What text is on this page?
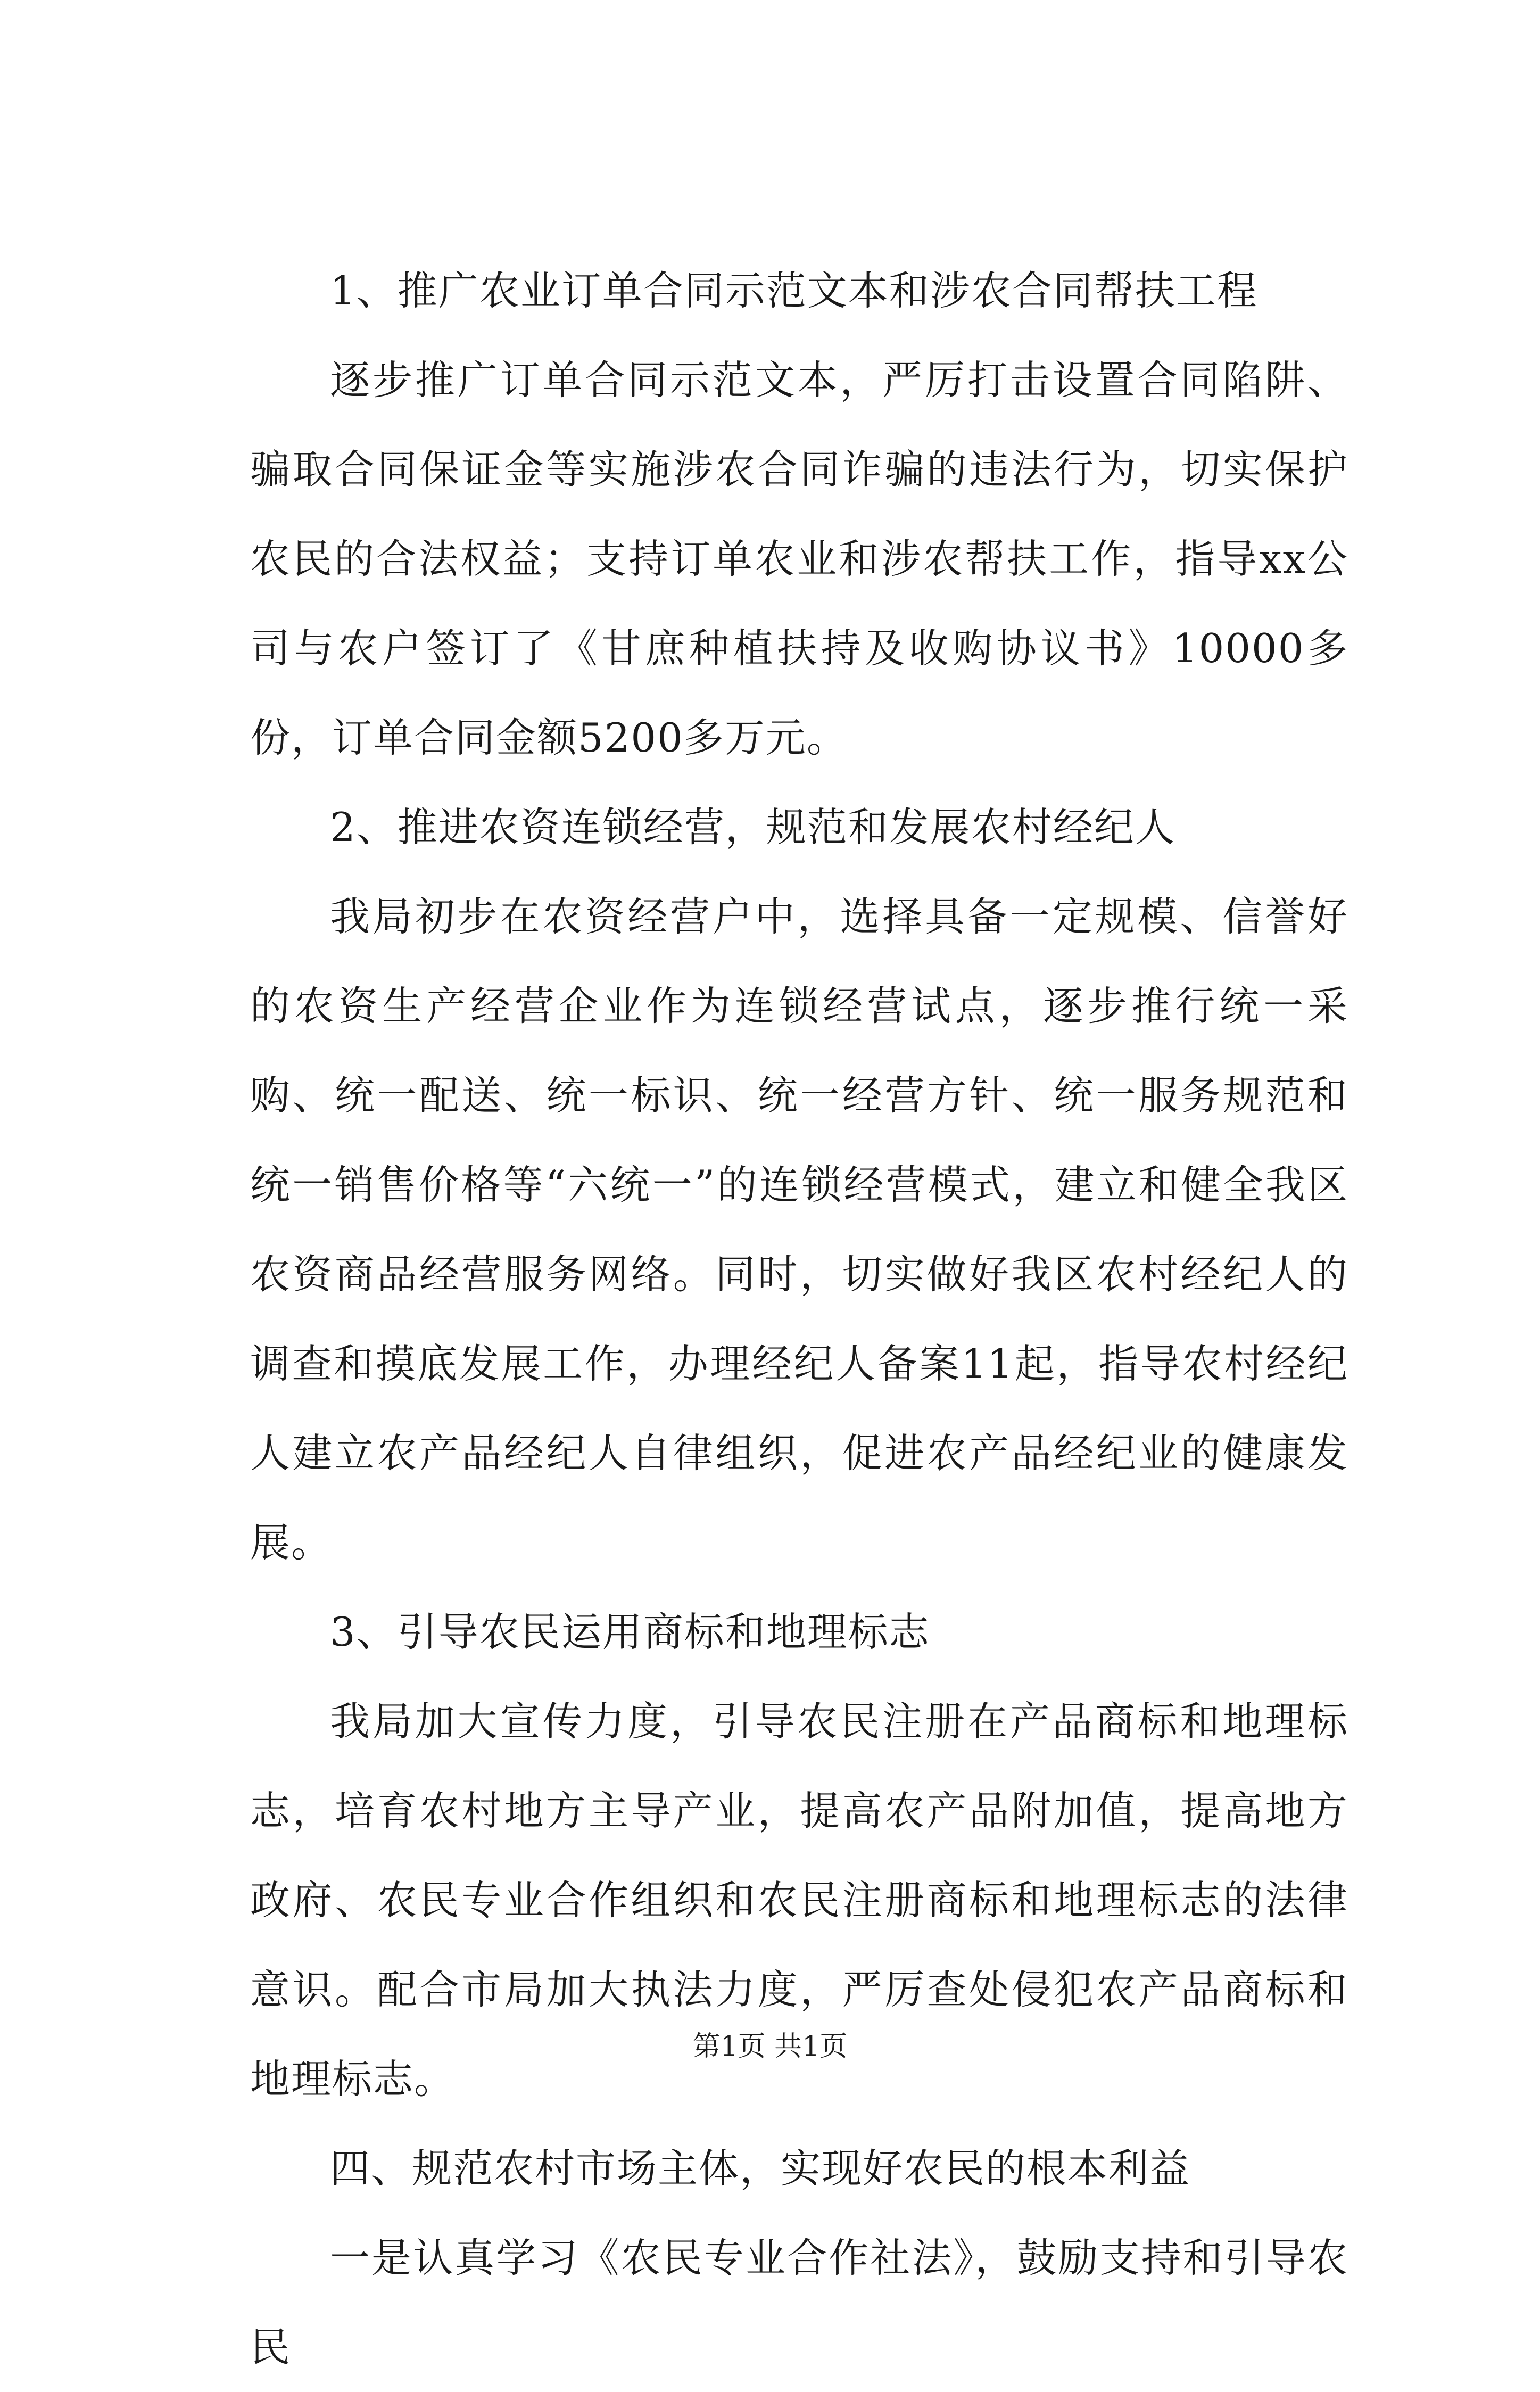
1、推广农业订单合同示范文本和涉农合同帮扶工程

逐步推广订单合同示范文本，严厉打击设置合同陷阱、骗取合同保证金等实施涉农合同诈骗的违法行为，切实保护农民的合法权益；支持订单农业和涉农帮扶工作，指导xx公司与农户签订了《甘庶种植扶持及收购协议书》10000多份，订单合同金额5200多万元。

2、推进农资连锁经营，规范和发展农村经纪人

我局初步在农资经营户中，选择具备一定规模、信誉好的农资生产经营企业作为连锁经营试点，逐步推行统一采购、统一配送、统一标识、统一经营方针、统一服务规范和统一销售价格等“六统一”的连锁经营模式，建立和健全我区农资商品经营服务网络。同时，切实做好我区农村经纪人的调查和摸底发展工作，办理经纪人备案11起，指导农村经纪人建立农产品经纪人自律组织，促进农产品经纪业的健康发展。

3、引导农民运用商标和地理标志

我局加大宣传力度，引导农民注册在产品商标和地理标志，培育农村地方主导产业，提高农产品附加值，提高地方政府、农民专业合作组织和农民注册商标和地理标志的法律意识。配合市局加大执法力度，严厉查处侵犯农产品商标和地理标志。

四、规范农村市场主体，实现好农民的根本利益

一是认真学习《农民专业合作社法》，鼓励支持和引导农民

第1页 共1页
